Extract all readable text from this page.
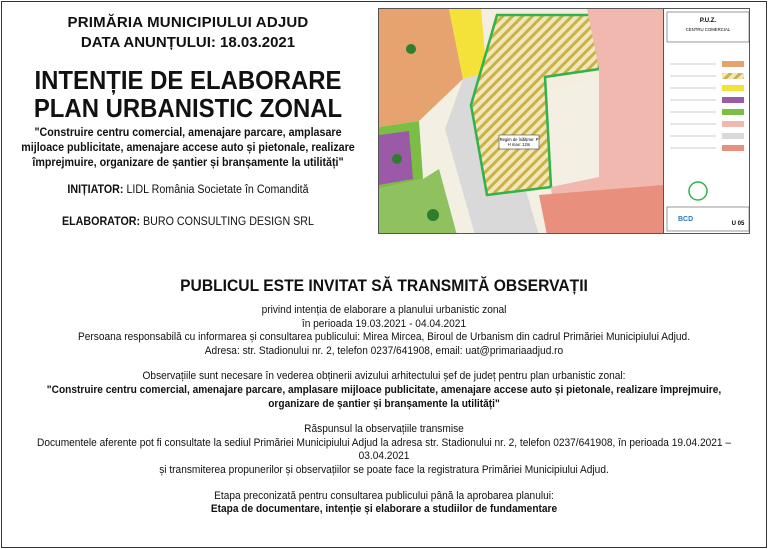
PRIMĂRIA MUNICIPIULUI ADJUD
DATA ANUNȚULUI: 18.03.2021
INTENȚIE DE ELABORARE
PLAN URBANISTIC ZONAL
"Construire centru comercial, amenajare parcare, amplasare mijloace publicitate, amenajare accese auto și pietonale, realizare împrejmuire, organizare de șantier și branșamente la utilități"
INIȚIATOR: LIDL România Societate în Comandită
ELABORATOR: BURO CONSULTING DESIGN SRL
Regim de înălțime: P
H max: 12m
P.U.Z.
CENTRU COMERCIAL
BCD
U 05
PUBLICUL ESTE INVITAT SĂ TRANSMITĂ OBSERVAȚII
privind intenția de elaborare a planului urbanistic zonal
în perioada 19.03.2021 - 04.04.2021
Persoana responsabilă cu informarea și consultarea publicului: Mirea Mircea, Biroul de Urbanism din cadrul Primăriei Municipiului Adjud.
Adresa: str. Stadionului nr. 2, telefon 0237/641908, email: uat@primariaadjud.ro
Observațiile sunt necesare în vederea obținerii avizului arhitectului șef de județ pentru plan urbanistic zonal:
"Construire centru comercial, amenajare parcare, amplasare mijloace publicitate, amenajare accese auto și pietonale, realizare împrejmuire,
organizare de șantier și branșamente la utilități"
Răspunsul la observațiile transmise
Documentele aferente pot fi consultate la sediul Primăriei Municipiului Adjud la adresa str. Stadionului nr. 2, telefon 0237/641908, în perioada 19.04.2021 – 03.04.2021
și transmiterea propunerilor și observațiilor se poate face la registratura Primăriei Municipiului Adjud.
Etapa preconizată pentru consultarea publicului până la aprobarea planului:
Etapa de documentare, intenție și elaborare a studiilor de fundamentare
